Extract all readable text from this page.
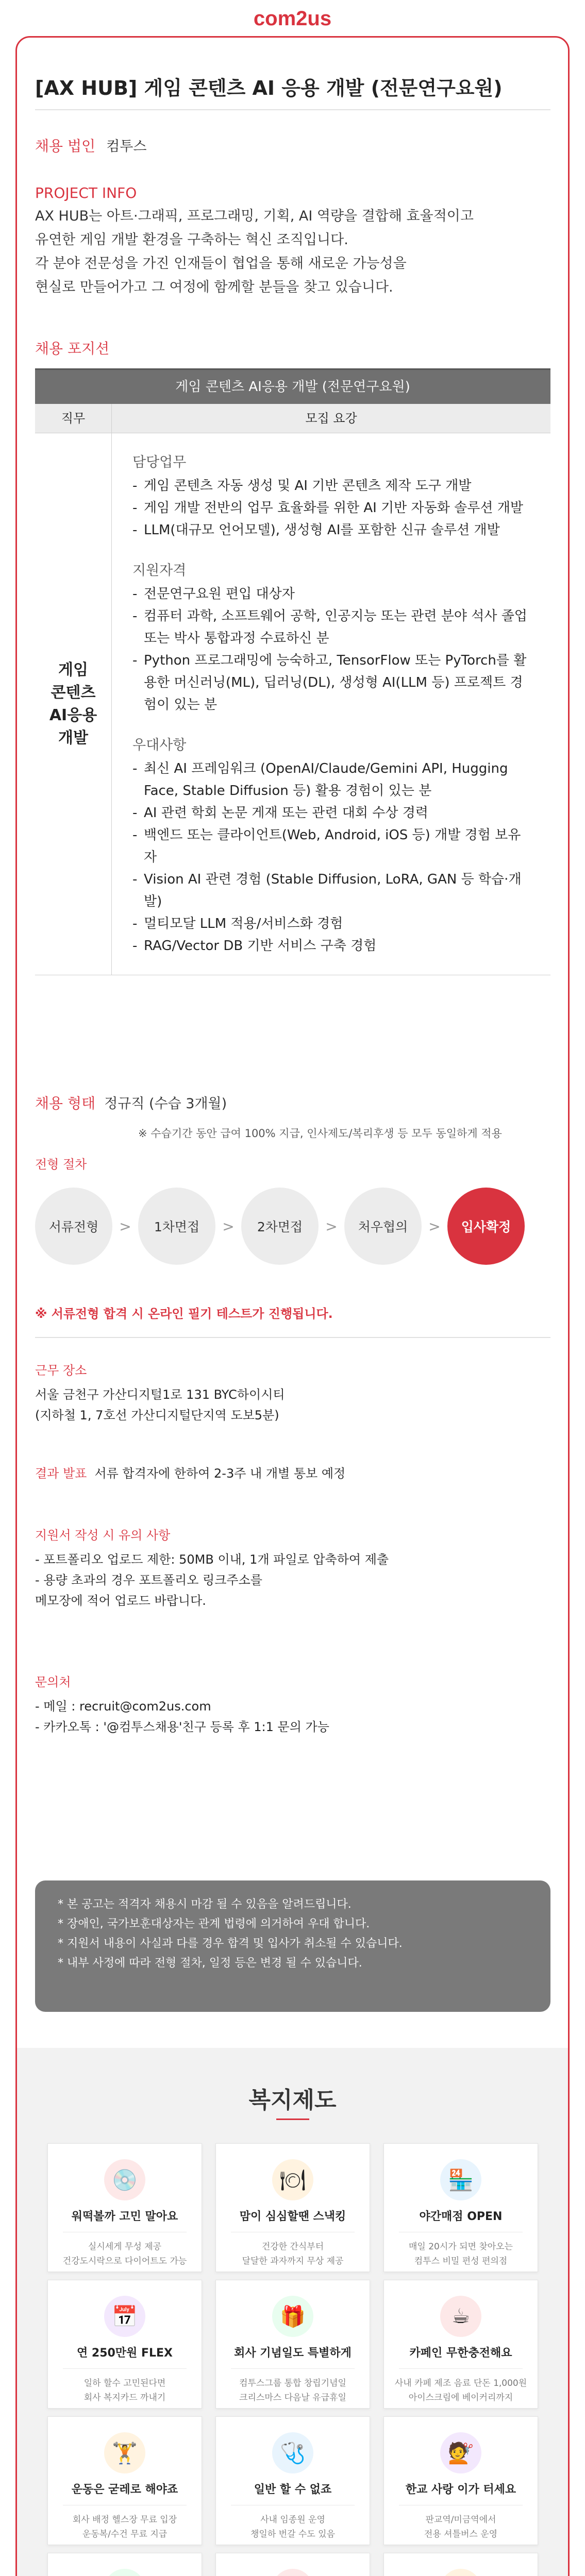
com2us
[AX HUB] 게임 콘텐츠 AI 응용 개발 (전문연구요원)
채용 법인 컴투스
PROJECT INFO
AX HUB는 아트·그래픽, 프로그래밍, 기획, AI 역량을 결합해 효율적이고
유연한 게임 개발 환경을 구축하는 혁신 조직입니다.
각 분야 전문성을 가진 인재들이 협업을 통해 새로운 가능성을
현실로 만들어가고 그 여정에 함께할 분들을 찾고 있습니다.
채용 포지션
게임 콘텐츠 AI응용 개발 (전문연구요원)
직무	모집 요강
게임
콘텐츠
AI응용
개발
담당업무
- 게임 콘텐츠 자동 생성 및 AI 기반 콘텐츠 제작 도구 개발
- 게임 개발 전반의 업무 효율화를 위한 AI 기반 자동화 솔루션 개발
- LLM(대규모 언어모델), 생성형 AI를 포함한 신규 솔루션 개발
지원자격
- 전문연구요원 편입 대상자
- 컴퓨터 과학, 소프트웨어 공학, 인공지능 또는 관련 분야 석사 졸업 또는 박사 통합과정 수료하신 분
- Python 프로그래밍에 능숙하고, TensorFlow 또는 PyTorch를 활용한 머신러닝(ML), 딥러닝(DL), 생성형 AI(LLM 등) 프로젝트 경험이 있는 분
우대사항
- 최신 AI 프레임워크 (OpenAI/Claude/Gemini API, Hugging Face, Stable Diffusion 등) 활용 경험이 있는 분
- AI 관련 학회 논문 게재 또는 관련 대회 수상 경력
- 백엔드 또는 클라이언트(Web, Android, iOS 등) 개발 경험 보유자
- Vision AI 관련 경험 (Stable Diffusion, LoRA, GAN 등 학습·개발)
- 멀티모달 LLM 적용/서비스화 경험
- RAG/Vector DB 기반 서비스 구축 경험
채용 형태 정규직 (수습 3개월)
※ 수습기간 동안 급여 100% 지급, 인사제도/복리후생 등 모두 동일하게 적용
전형 절차
서류전형	>	1차면접	>	2차면접	>	처우협의	>	입사확정
※ 서류전형 합격 시 온라인 필기 테스트가 진행됩니다.
근무 장소
서울 금천구 가산디지털1로 131 BYC하이시티
(지하철 1, 7호선 가산디지털단지역 도보5분)
결과 발표 서류 합격자에 한하여 2-3주 내 개별 통보 예정
지원서 작성 시 유의 사항
- 포트폴리오 업로드 제한: 50MB 이내, 1개 파일로 압축하여 제출
- 용량 초과의 경우 포트폴리오 링크주소를
메모장에 적어 업로드 바랍니다.
문의처
- 메일 : recruit@com2us.com
- 카카오톡 : '@컴투스채용'친구 등록 후 1:1 문의 가능
* 본 공고는 적격자 채용시 마감 될 수 있음을 알려드립니다.
* 장애인, 국가보훈대상자는 관계 법령에 의거하여 우대 합니다.
* 지원서 내용이 사실과 다를 경우 합격 및 입사가 취소될 수 있습니다.
* 내부 사정에 따라 전형 절차, 일정 등은 변경 될 수 있습니다.
복지제도
💿
워떡볼까 고민 말아요
실시세게 무성 제공
건강도시락으로 다이어트도 가능
🍽
맘이 심심할땐 스낵킹
건강한 간식부터
달달한 과자까지 무상 제공
🏪
야간매점 OPEN
매일 20시가 되면 찾아오는
컴투스 비밀 편성 편의점
📅
연 250만원 FLEX
일하 할수 고민된다면
회사 복지카드 까내기
🎁
회사 기념일도 특별하게
컴투스그룹 통합 창립기념일
크리스마스 다음날 유급휴일
☕
카페인 무한충전해요
사내 카페 제조 음료 단돈 1,000원
아이스크림에 베이커리까지
🏋
운동은 굳레로 해야죠
회사 배정 헬스장 무료 입장
운동복/수건 무료 지급
🩺
일반 할 수 없죠
사내 임종원 운영
챙일하 번갈 수도 있음
💇
한교 사랑 이가 터세요
판교역/미금역에서
전용 셔틀버스 운영
